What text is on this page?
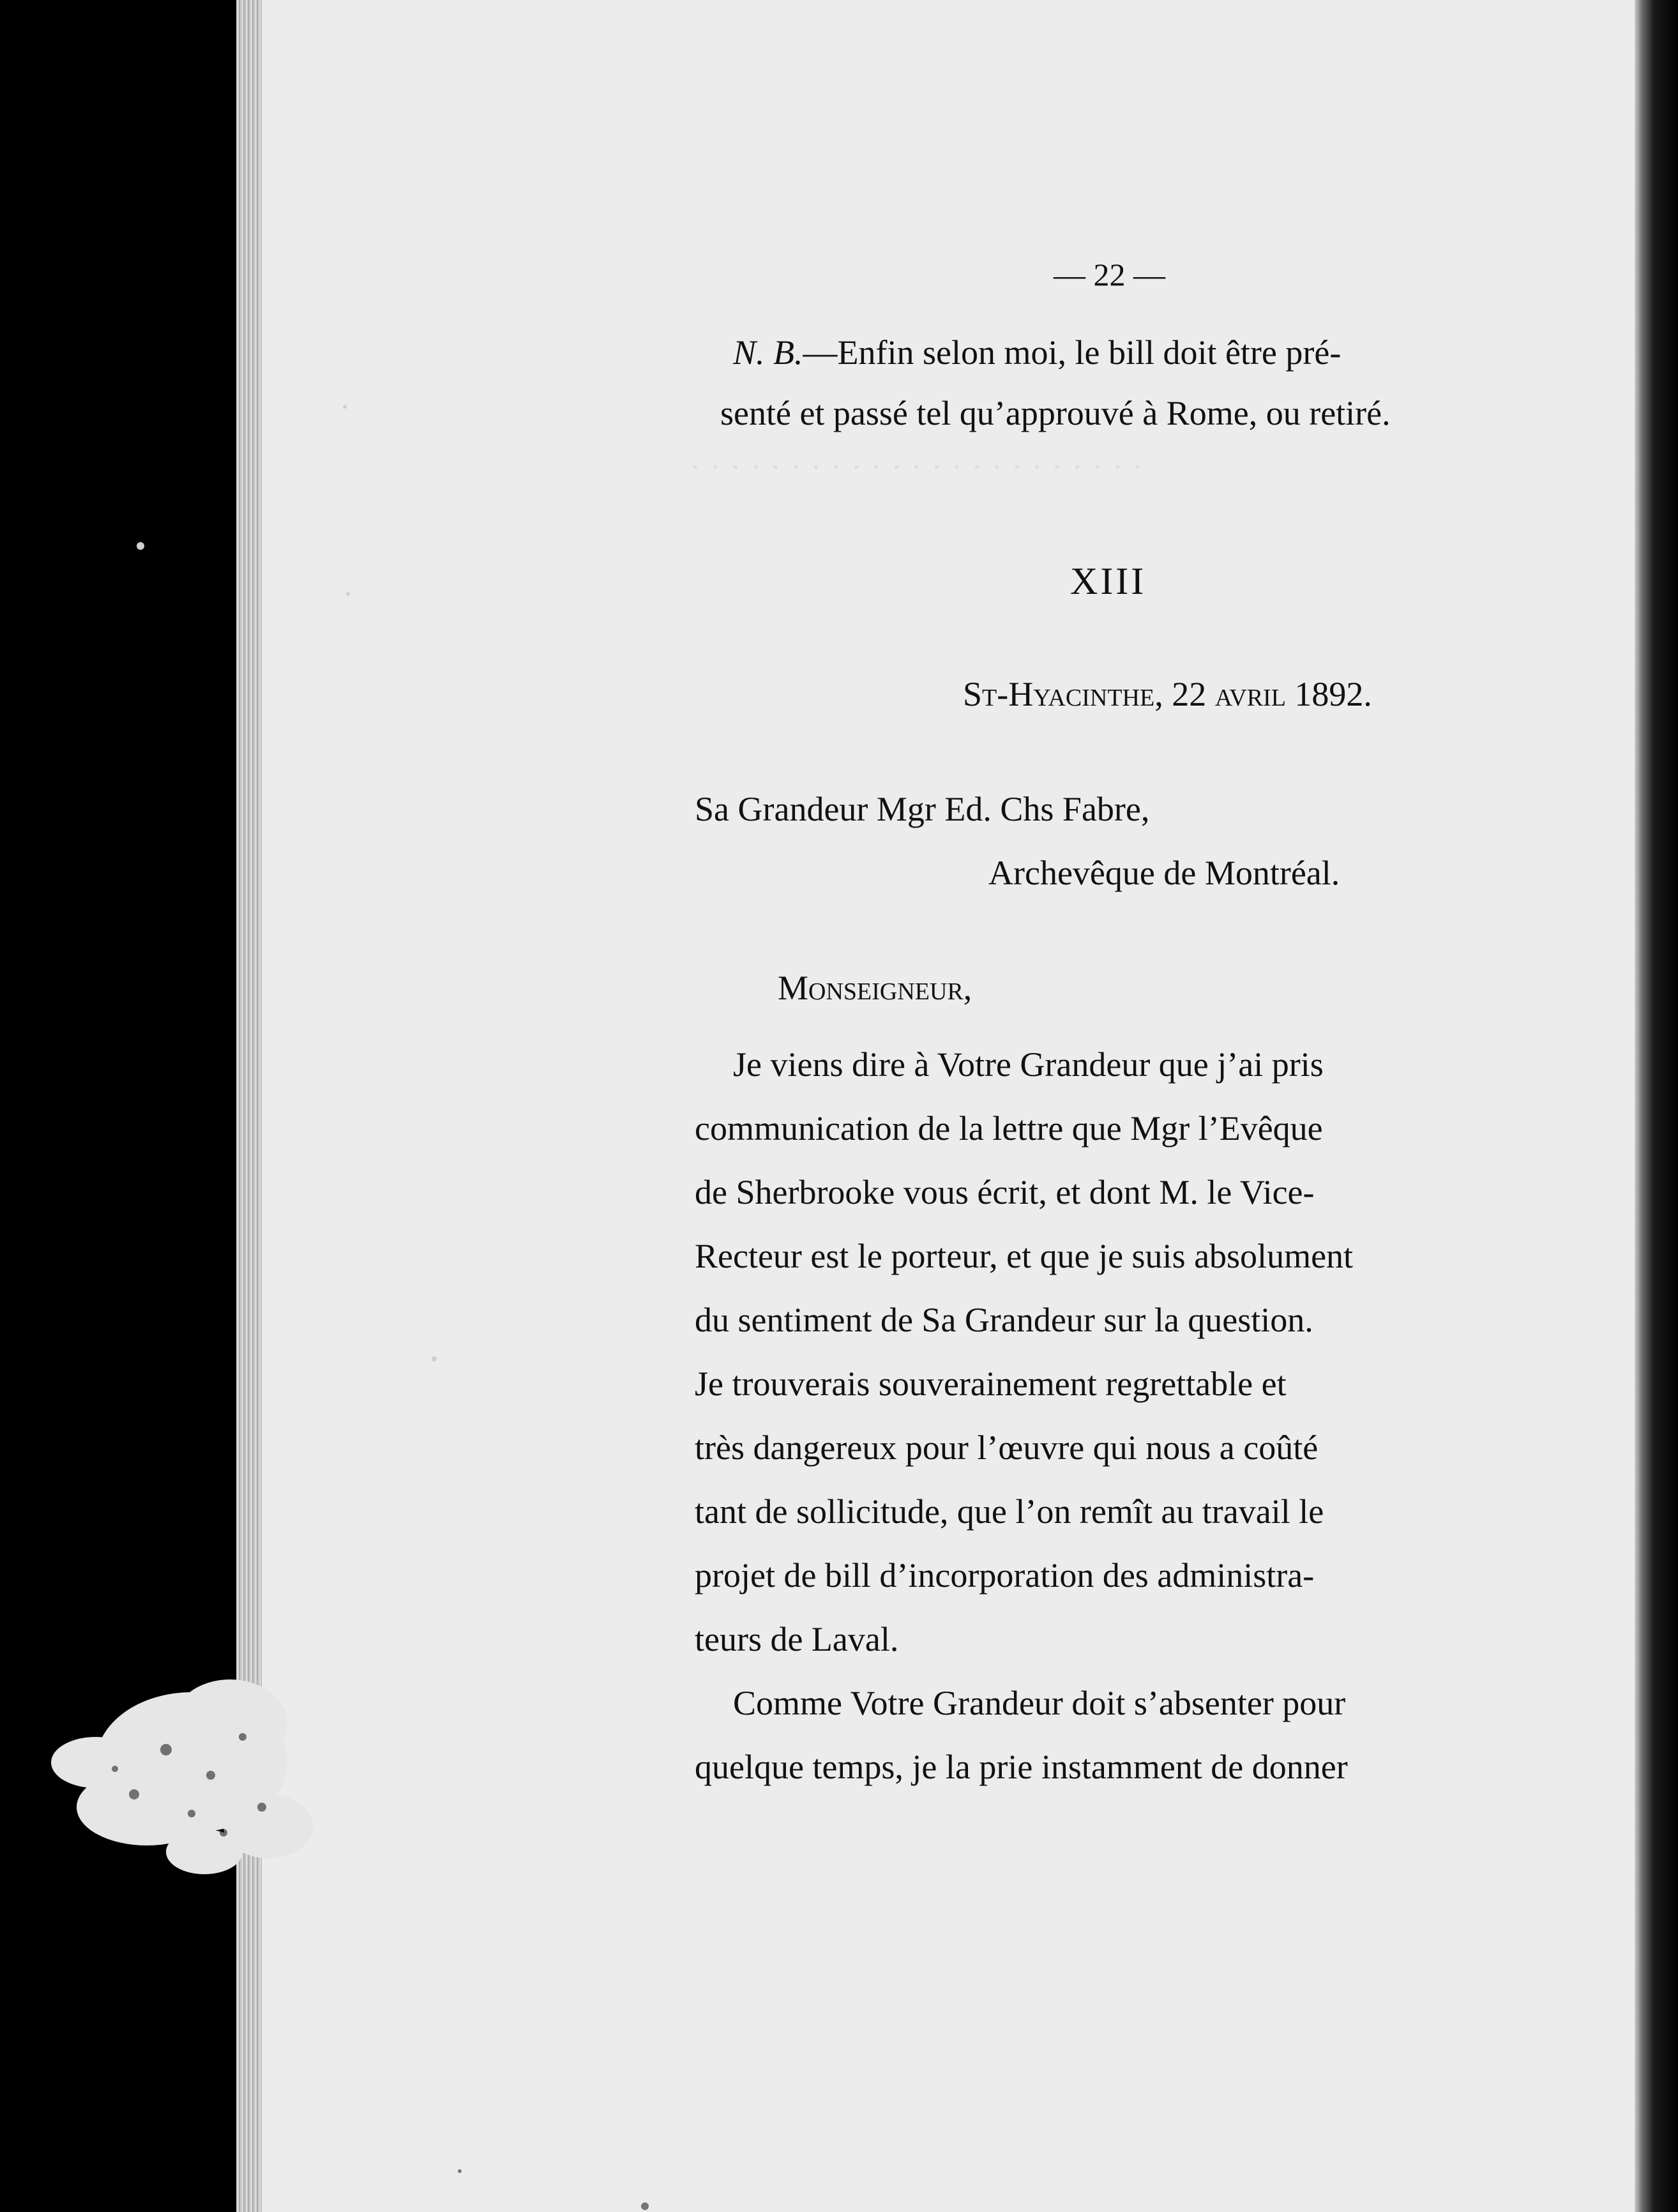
· · · · · · · · · · · · · · · · · · · · · · ·
— 22 —
N. B.—Enfin selon moi, le bill doit être pré-
senté et passé tel qu’approuvé à Rome, ou retiré.
XIII
St-Hyacinthe, 22 avril 1892.
Sa Grandeur Mgr Ed. Chs Fabre,
Archevêque de Montréal.
Monseigneur,
Je viens dire à Votre Grandeur que j’ai pris
communication de la lettre que Mgr l’Evêque
de Sherbrooke vous écrit, et dont M. le Vice-
Recteur est le porteur, et que je suis absolument
du sentiment de Sa Grandeur sur la question.
Je trouverais souverainement regrettable et
très dangereux pour l’œuvre qui nous a coûté
tant de sollicitude, que l’on remît au travail le
projet de bill d’incorporation des administra-
teurs de Laval.
Comme Votre Grandeur doit s’absenter pour
quelque temps, je la prie instamment de donner
